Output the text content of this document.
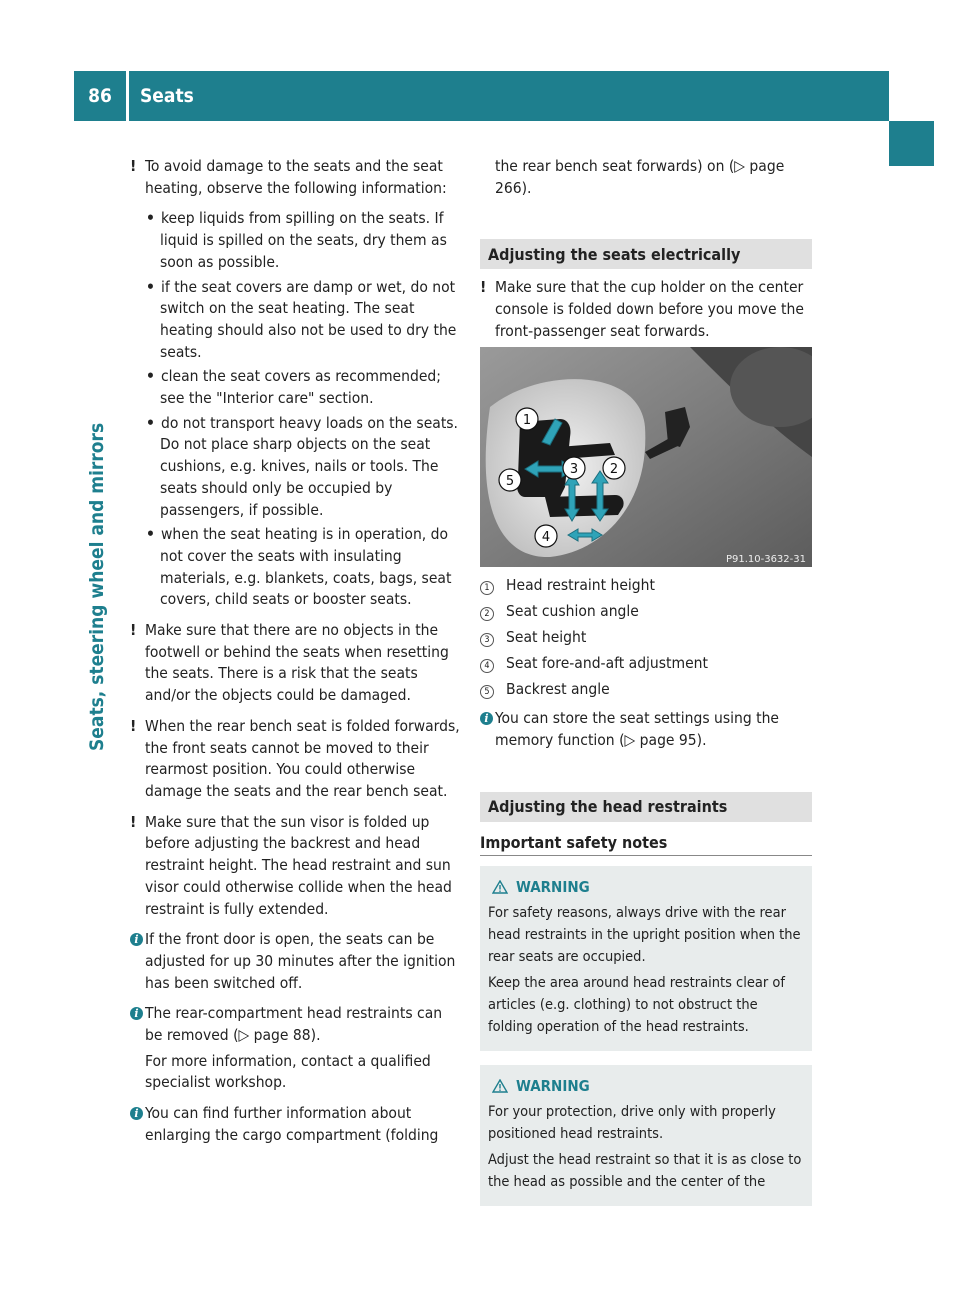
86	Seats
Seats, steering wheel and mirrors

! To avoid damage to the seats and the seat heating, observe the following information:

• keep liquids from spilling on the seats. If liquid is spilled on the seats, dry them as soon as possible.

• if the seat covers are damp or wet, do not switch on the seat heating. The seat heating should also not be used to dry the seats.

• clean the seat covers as recommended; see the "Interior care" section.

• do not transport heavy loads on the seats. Do not place sharp objects on the seat cushions, e.g. knives, nails or tools. The seats should only be occupied by passengers, if possible.

• when the seat heating is in operation, do not cover the seats with insulating materials, e.g. blankets, coats, bags, seat covers, child seats or booster seats.

! Make sure that there are no objects in the footwell or behind the seats when resetting the seats. There is a risk that the seats and/or the objects could be damaged.

! When the rear bench seat is folded forwards, the front seats cannot be moved to their rearmost position. You could otherwise damage the seats and the rear bench seat.

! Make sure that the sun visor is folded up before adjusting the backrest and head restraint height. The head restraint and sun visor could otherwise collide when the head restraint is fully extended.

i If the front door is open, the seats can be adjusted for up 30 minutes after the ignition has been switched off.

i The rear-compartment head restraints can be removed (▷ page 88).

For more information, contact a qualified specialist workshop.

i You can find further information about enlarging the cargo compartment (folding

the rear bench seat forwards) on (▷ page 266).

Adjusting the seats electrically

! Make sure that the cup holder on the center console is folded down before you move the front-passenger seat forwards.

1
2
3
4
5
P91.10-3632-31
1	Head restraint height
2	Seat cushion angle
3	Seat height
4	Seat fore-and-aft adjustment
5	Backrest angle

i You can store the seat settings using the memory function (▷ page 95).

Adjusting the head restraints
Important safety notes
WARNING

For safety reasons, always drive with the rear head restraints in the upright position when the rear seats are occupied.

Keep the area around head restraints clear of articles (e.g. clothing) to not obstruct the folding operation of the head restraints.

WARNING

For your protection, drive only with properly positioned head restraints.

Adjust the head restraint so that it is as close to the head as possible and the center of the
